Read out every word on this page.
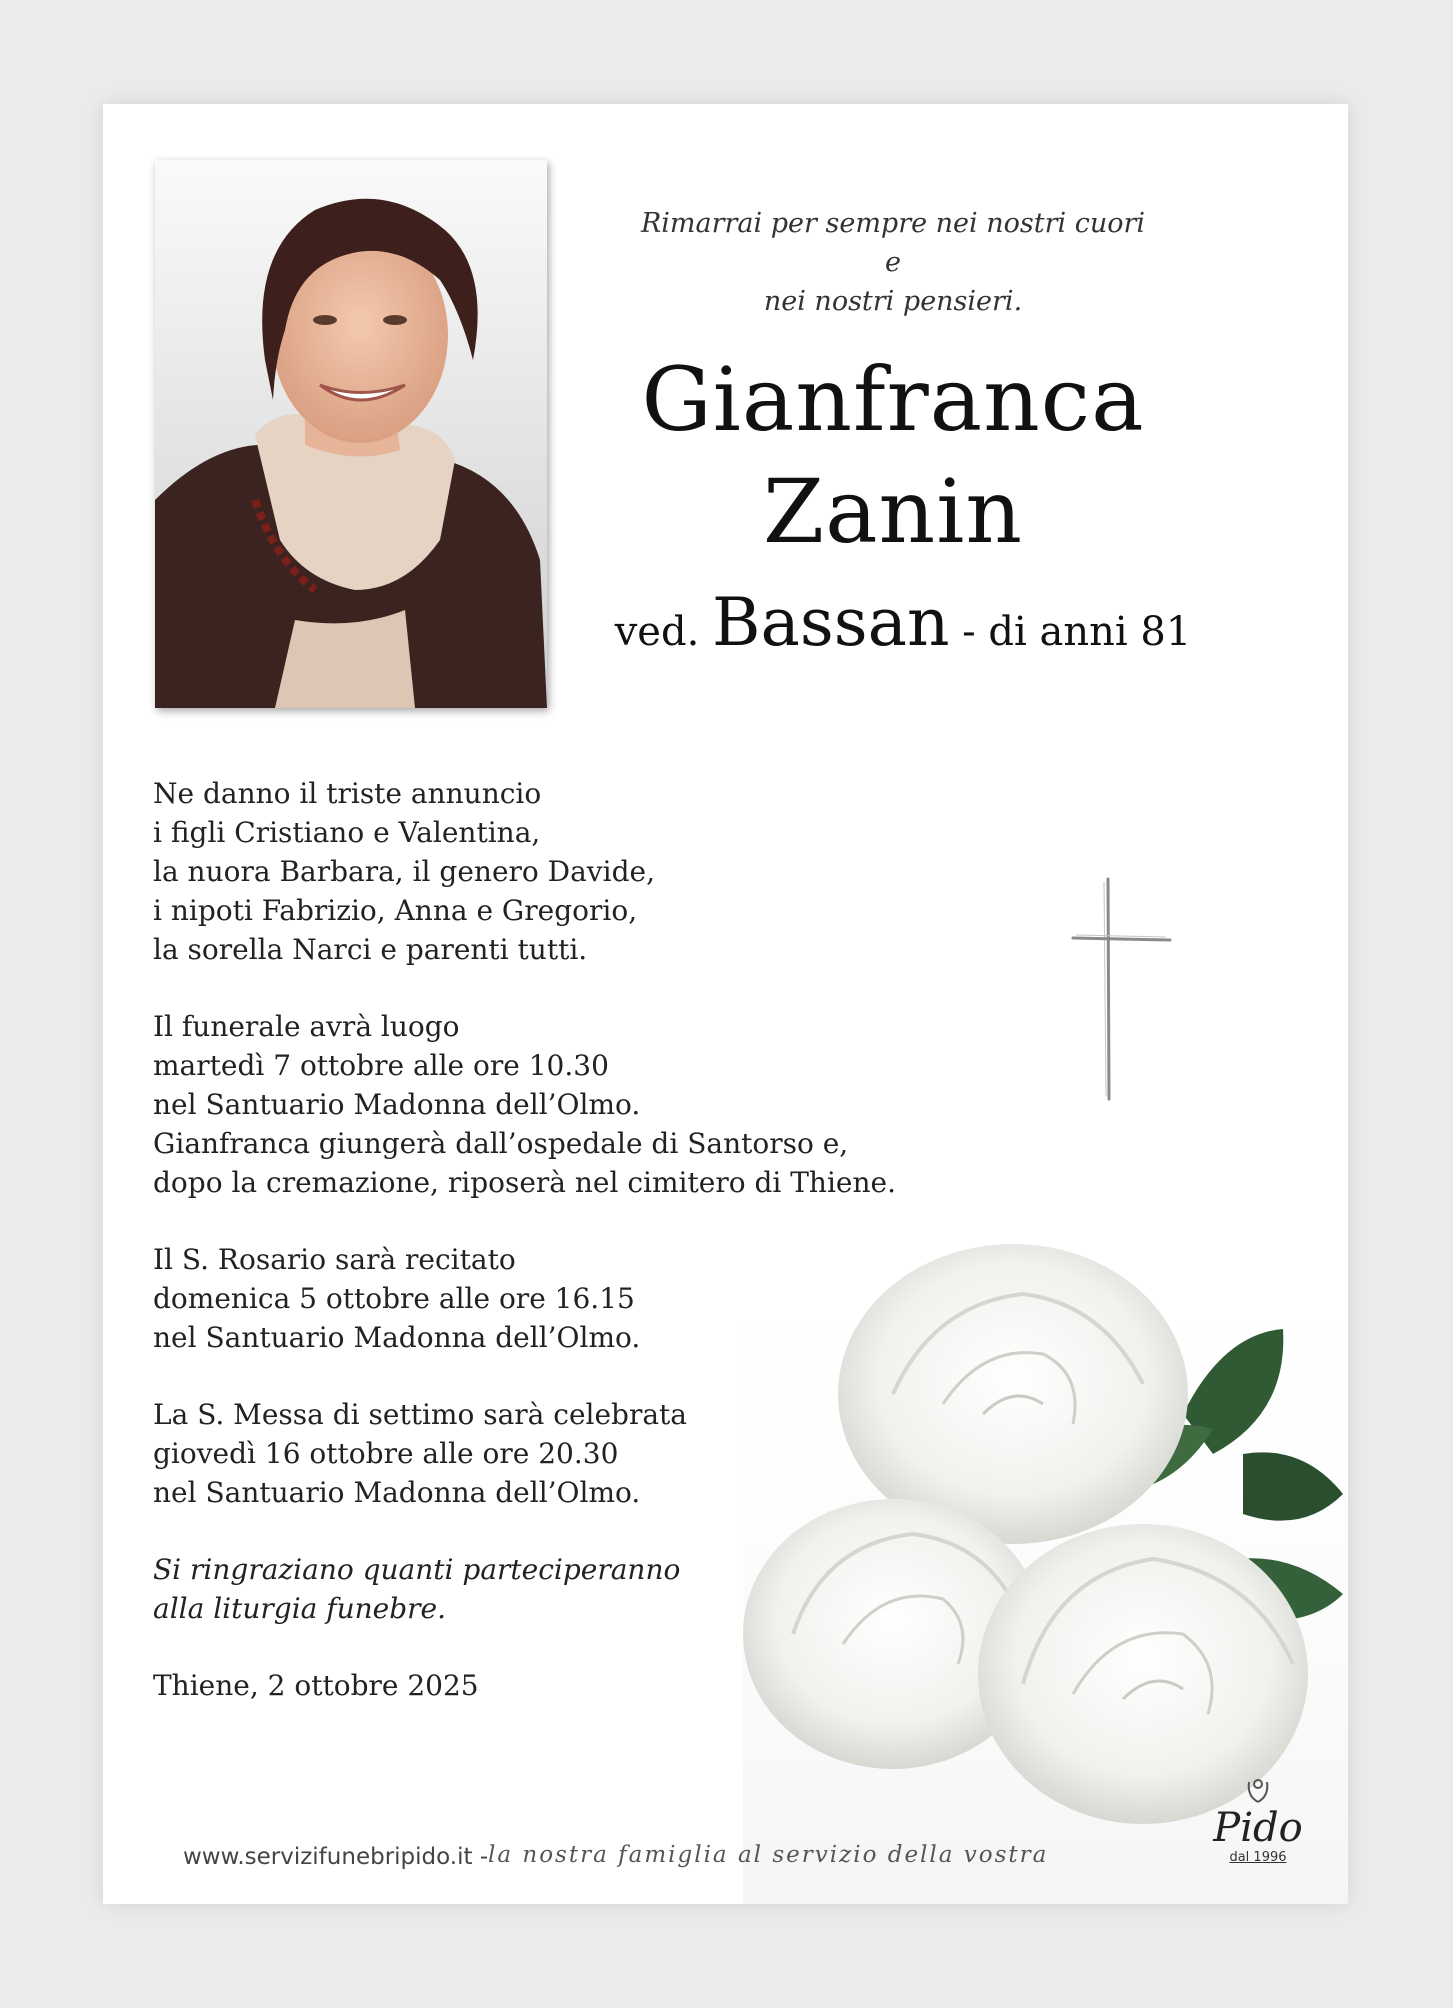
Rimarrai per sempre nei nostri cuori e
nei nostri pensieri.
Gianfranca
Zanin
ved. Bassan - di anni 81

Ne danno il triste annuncio
i figli Cristiano e Valentina,
la nuora Barbara, il genero Davide,
i nipoti Fabrizio, Anna e Gregorio,
la sorella Narci e parenti tutti.

Il funerale avrà luogo
martedì 7 ottobre alle ore 10.30
nel Santuario Madonna dell’Olmo.
Gianfranca giungerà dall’ospedale di Santorso e,
dopo la cremazione, riposerà nel cimitero di Thiene.

Il S. Rosario sarà recitato
domenica 5 ottobre alle ore 16.15
nel Santuario Madonna dell’Olmo.

La S. Messa di settimo sarà celebrata
giovedì 16 ottobre alle ore 20.30
nel Santuario Madonna dell’Olmo.

Si ringraziano quanti parteciperanno
alla liturgia funebre.

Thiene, 2 ottobre 2025

www.servizifunebripido.it - la nostra famiglia al servizio della vostra
Pido
dal 1996
